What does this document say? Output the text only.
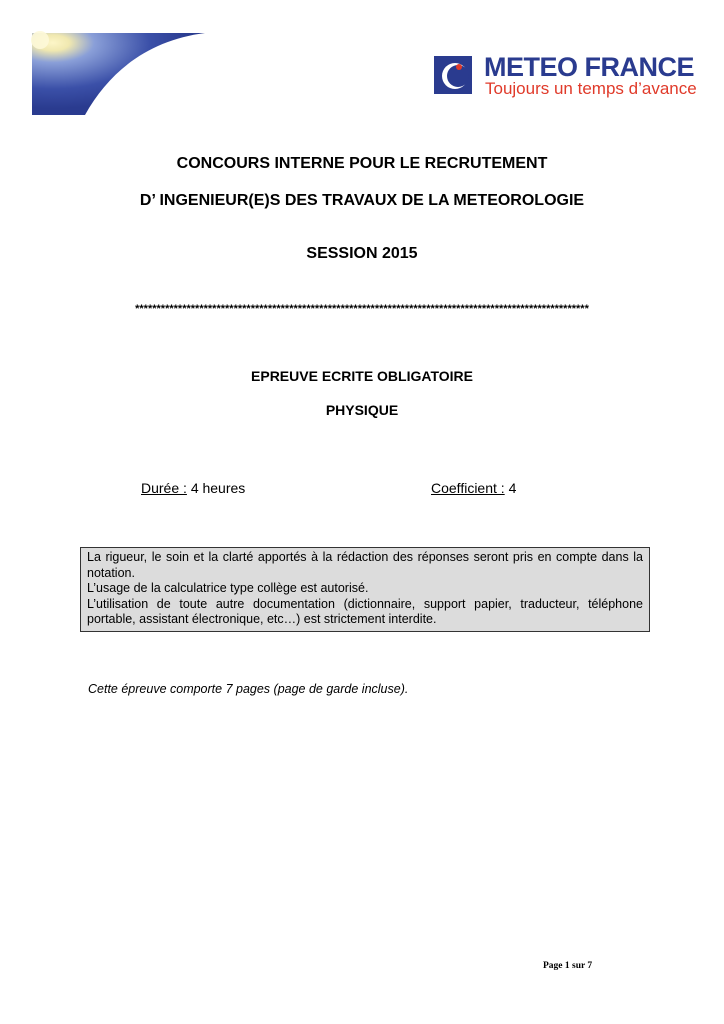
METEO FRANCE
Toujours un temps d’avance
CONCOURS INTERNE POUR LE RECRUTEMENT
D’ INGENIEUR(E)S DES TRAVAUX DE LA METEOROLOGIE
SESSION 2015
**********************************************************************************************************
EPREUVE ECRITE OBLIGATOIRE
PHYSIQUE
Durée : 4 heures	Coefficient : 4

La rigueur, le soin et la clarté apportés à la rédaction des réponses seront pris en compte dans la notation.

L’usage de la calculatrice type collège est autorisé.

L’utilisation de toute autre documentation (dictionnaire, support papier, traducteur, téléphone portable, assistant électronique, etc…) est strictement interdite.

Cette épreuve comporte 7 pages (page de garde incluse).
Page 1 sur 7
